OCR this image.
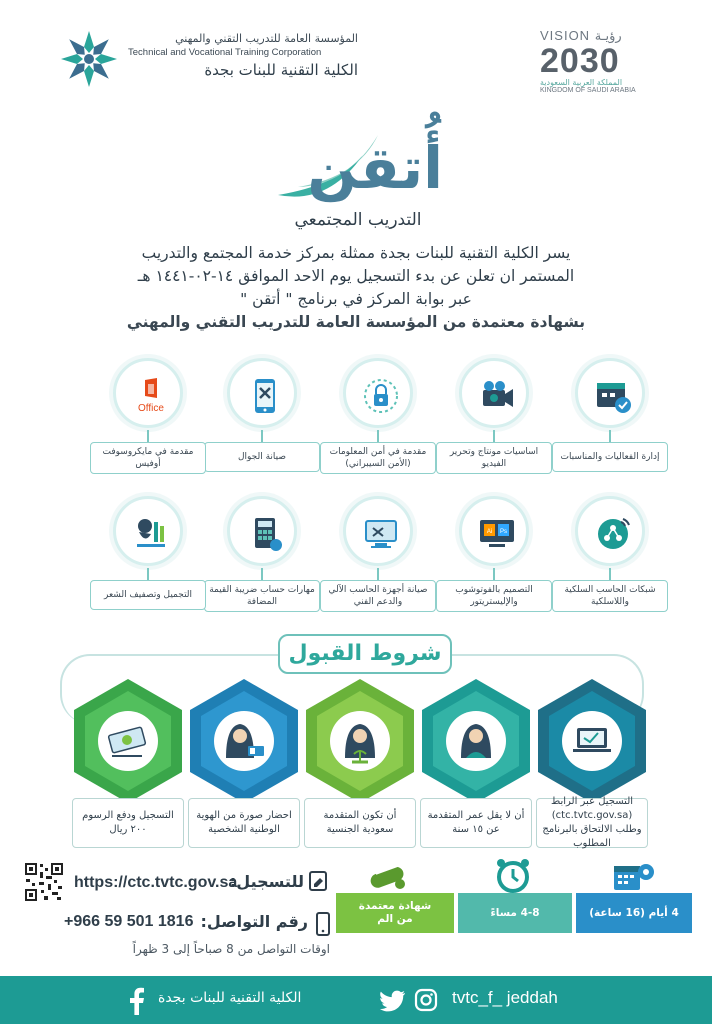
المؤسسة العامة للتدريب التقني والمهني
Technical and Vocational Training Corporation
الكلية التقنية للبنات بجدة
VISION رؤيـة
2030
المملكة العربية السعودية
KINGDOM OF SAUDI ARABIA
أُتقن
التدريب المجتمعي

يسر الكلية التقنية للبنات بجدة ممثلة بمركز خدمة المجتمع والتدريب

المستمر ان تعلن عن بدء التسجيل يوم الاحد الموافق ١٤-٠٢-١٤٤١ هـ

عبر بوابة المركز في برنامج " أتقن "

بشهادة معتمدة من المؤسسة العامة للتدريب التقني والمهني

إدارة الفعاليات والمناسبات
اساسيات مونتاج وتحرير الفيديو
مقدمة في أمن المعلومات (الأمن السيبراني)
صيانة الجوال
Office
مقدمة في مايكروسوفت أوفيس
شبكات الحاسب السلكية واللاسلكية
Ai Ps
التصميم بالفوتوشوب والإليستريتور
صيانة أجهزة الحاسب الآلي والدعم الفني
مهارات حساب ضريبة القيمة المضافة
التجميل وتصفيف الشعر
شروط القبول
التسجيل عبر الرابط (ctc.tvtc.gov.sa) وطلب الالتحاق بالبرنامج المطلوب
أن لا يقل عمر المتقدمة عن ١٥ سنة
أن تكون المتقدمة سعودية الجنسية
احضار صورة من الهوية الوطنية الشخصية
التسجيل ودفع الرسوم ٢٠٠ ريال
https://ctc.tvtc.gov.sa
للتسجيل:
+966 59 501 1816 رقم التواصل:
اوقات التواصل من 8 صباحاً إلى 3 ظهراً
4 أيام (16 ساعة)
4-8 مساءً
شهادة معتمدة من الم
الكلية التقنية للبنات بجدة	tvtc_f_ jeddah
